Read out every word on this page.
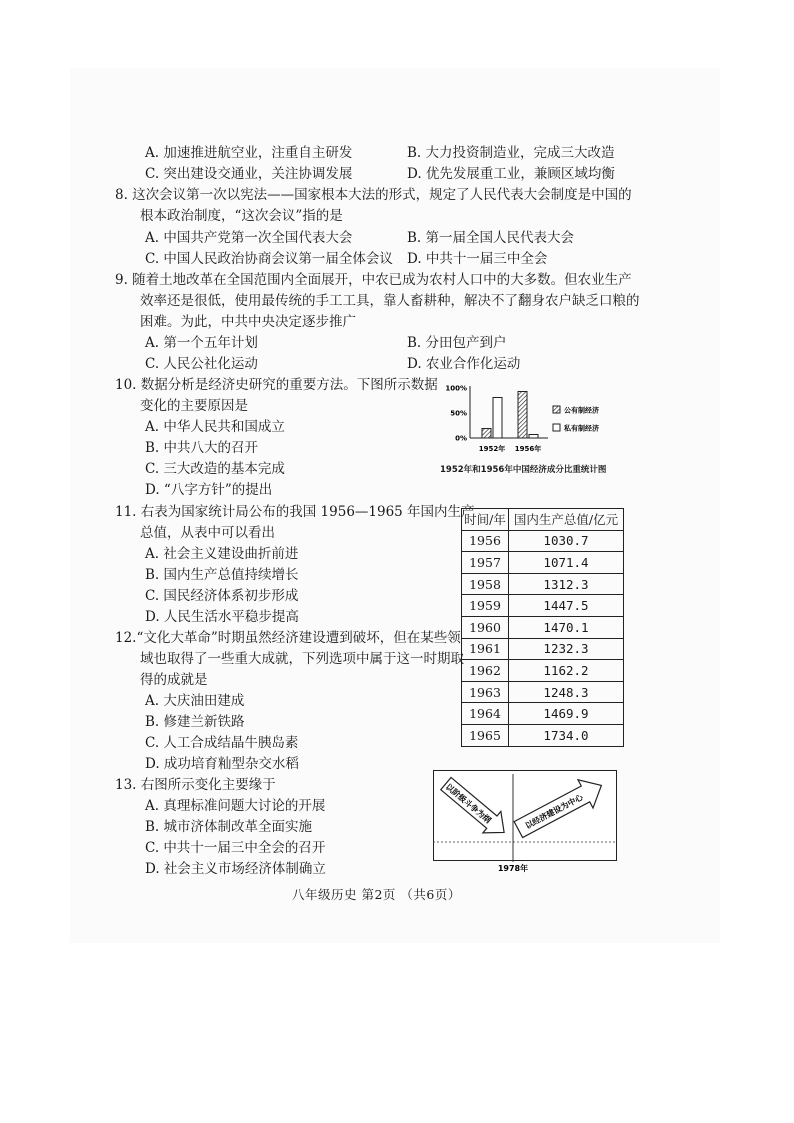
A. 加速推进航空业，注重自主研发	B. 大力投资制造业，完成三大改造
C. 突出建设交通业，关注协调发展	D. 优先发展重工业，兼顾区域均衡
8. 这次会议第一次以宪法——国家根本大法的形式，规定了人民代表大会制度是中国的
根本政治制度，“这次会议”指的是
A. 中国共产党第一次全国代表大会	B. 第一届全国人民代表大会
C. 中国人民政治协商会议第一届全体会议 D. 中共十一届三中全会
9. 随着土地改革在全国范围内全面展开，中农已成为农村人口中的大多数。但农业生产
效率还是很低，使用最传统的手工工具，靠人畜耕种，解决不了翻身农户缺乏口粮的
困难。为此，中共中央决定逐步推广
A. 第一个五年计划	B. 分田包产到户
C. 人民公社化运动	D. 农业合作化运动
10. 数据分析是经济史研究的重要方法。下图所示数据
变化的主要原因是
A. 中华人民共和国成立
B. 中共八大的召开
C. 三大改造的基本完成
D. “八字方针”的提出
0%
50%
100%
1952年 1956年
公有制经济
私有制经济
1952年和1956年中国经济成分比重统计图
11. 右表为国家统计局公布的我国 1956—1965 年国内生产
总值，从表中可以看出
A. 社会主义建设曲折前进
B. 国内生产总值持续增长
C. 国民经济体系初步形成
D. 人民生活水平稳步提高
时间/年	国内生产总值/亿元
1956	1030.7
1957	1071.4
1958	1312.3
1959	1447.5
1960	1470.1
1961	1232.3
1962	1162.2
1963	1248.3
1964	1469.9
1965	1734.0
12.“文化大革命”时期虽然经济建设遭到破坏，但在某些领
域也取得了一些重大成就，下列选项中属于这一时期取
得的成就是
A. 大庆油田建成
B. 修建兰新铁路
C. 人工合成结晶牛胰岛素
D. 成功培育籼型杂交水稻
13. 右图所示变化主要缘于
A. 真理标准问题大讨论的开展
B. 城市济体制改革全面实施
C. 中共十一届三中全会的召开
D. 社会主义市场经济体制确立
以阶级斗争为纲	以经济建设为中心
1978年
八年级历史 第2页 （共6页）
